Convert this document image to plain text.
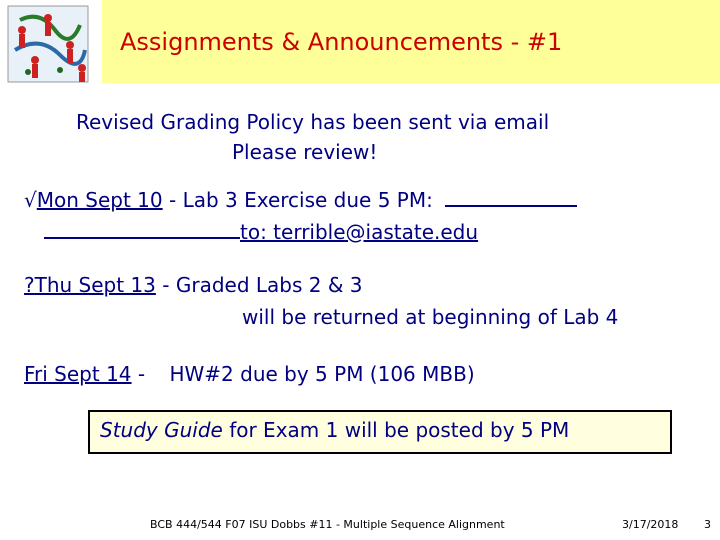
Assignments & Announcements - #1
Revised Grading Policy has been sent via email
Please review!
√Mon Sept 10 - Lab 3 Exercise due 5 PM:
to: terrible@iastate.edu
?Thu Sept 13 - Graded Labs 2 & 3
will be returned at beginning of Lab 4
Fri Sept 14 - HW#2 due by 5 PM (106 MBB)
Study Guide for Exam 1 will be posted by 5 PM
BCB 444/544 F07 ISU Dobbs #11 - Multiple Sequence Alignment	3/17/2018 3
